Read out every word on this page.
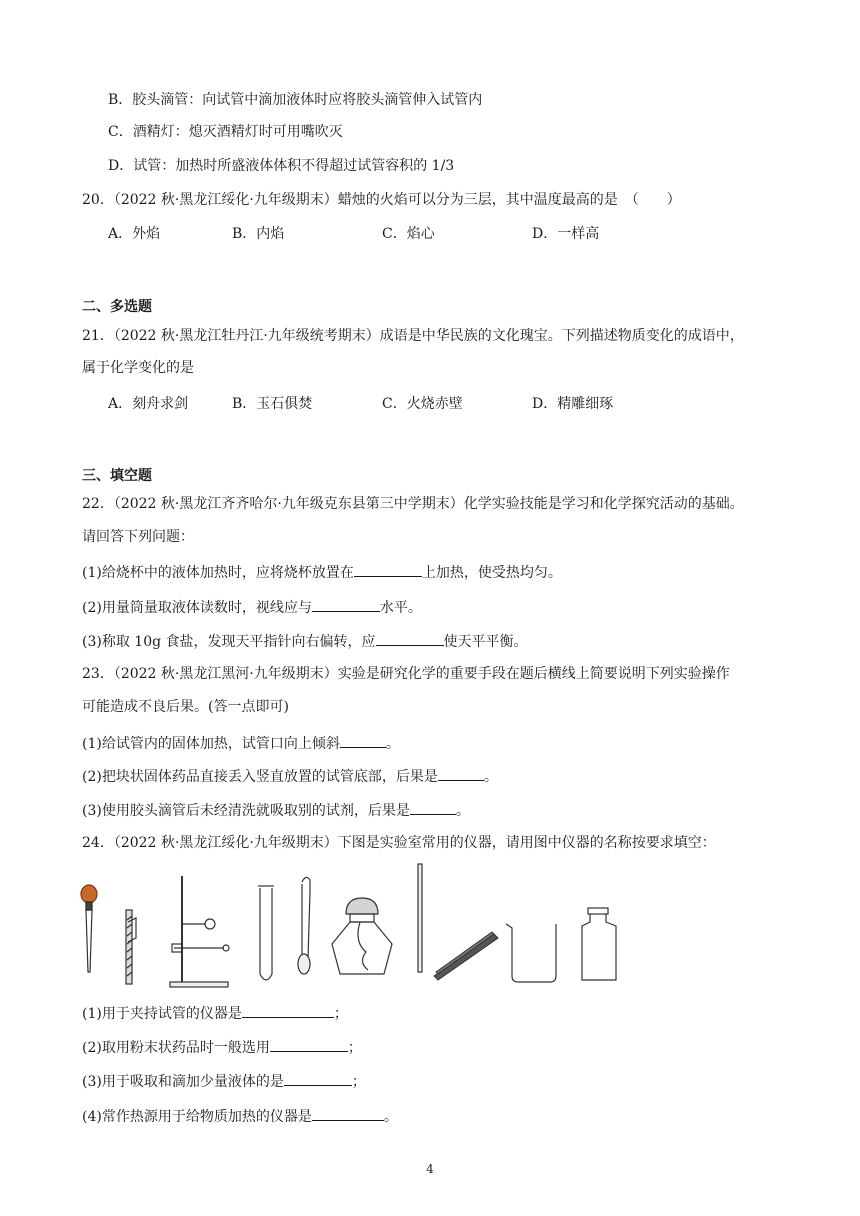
B．胶头滴管：向试管中滴加液体时应将胶头滴管伸入试管内
C．酒精灯：熄灭酒精灯时可用嘴吹灭
D．试管：加热时所盛液体体积不得超过试管容积的 1/3
20．（2022 秋·黑龙江绥化·九年级期末）蜡烛的火焰可以分为三层，其中温度最高的是　（　　）
A．外焰	B．内焰	C．焰心	D．一样高
二、多选题
21．（2022 秋·黑龙江牡丹江·九年级统考期末）成语是中华民族的文化瑰宝。下列描述物质变化的成语中，
属于化学变化的是
A．刻舟求剑	B．玉石俱焚	C．火烧赤壁	D．精雕细琢
三、填空题
22．（2022 秋·黑龙江齐齐哈尔·九年级克东县第三中学期末）化学实验技能是学习和化学探究活动的基础。
请回答下列问题：
(1)给烧杯中的液体加热时，应将烧杯放置在	上加热，使受热均匀。
(2)用量筒量取液体读数时，视线应与	水平。
(3)称取 10g 食盐，发现天平指针向右偏转，应	使天平平衡。
23．（2022 秋·黑龙江黑河·九年级期末）实验是研究化学的重要手段在题后横线上简要说明下列实验操作
可能造成不良后果。(答一点即可)
(1)给试管内的固体加热，试管口向上倾斜	。
(2)把块状固体药品直接丢入竖直放置的试管底部，后果是	。
(3)使用胶头滴管后未经清洗就吸取别的试剂，后果是	。
24．（2022 秋·黑龙江绥化·九年级期末）下图是实验室常用的仪器，请用图中仪器的名称按要求填空：
(1)用于夹持试管的仪器是	；
(2)取用粉末状药品时一般选用	；
(3)用于吸取和滴加少量液体的是	；
(4)常作热源用于给物质加热的仪器是	。
4
